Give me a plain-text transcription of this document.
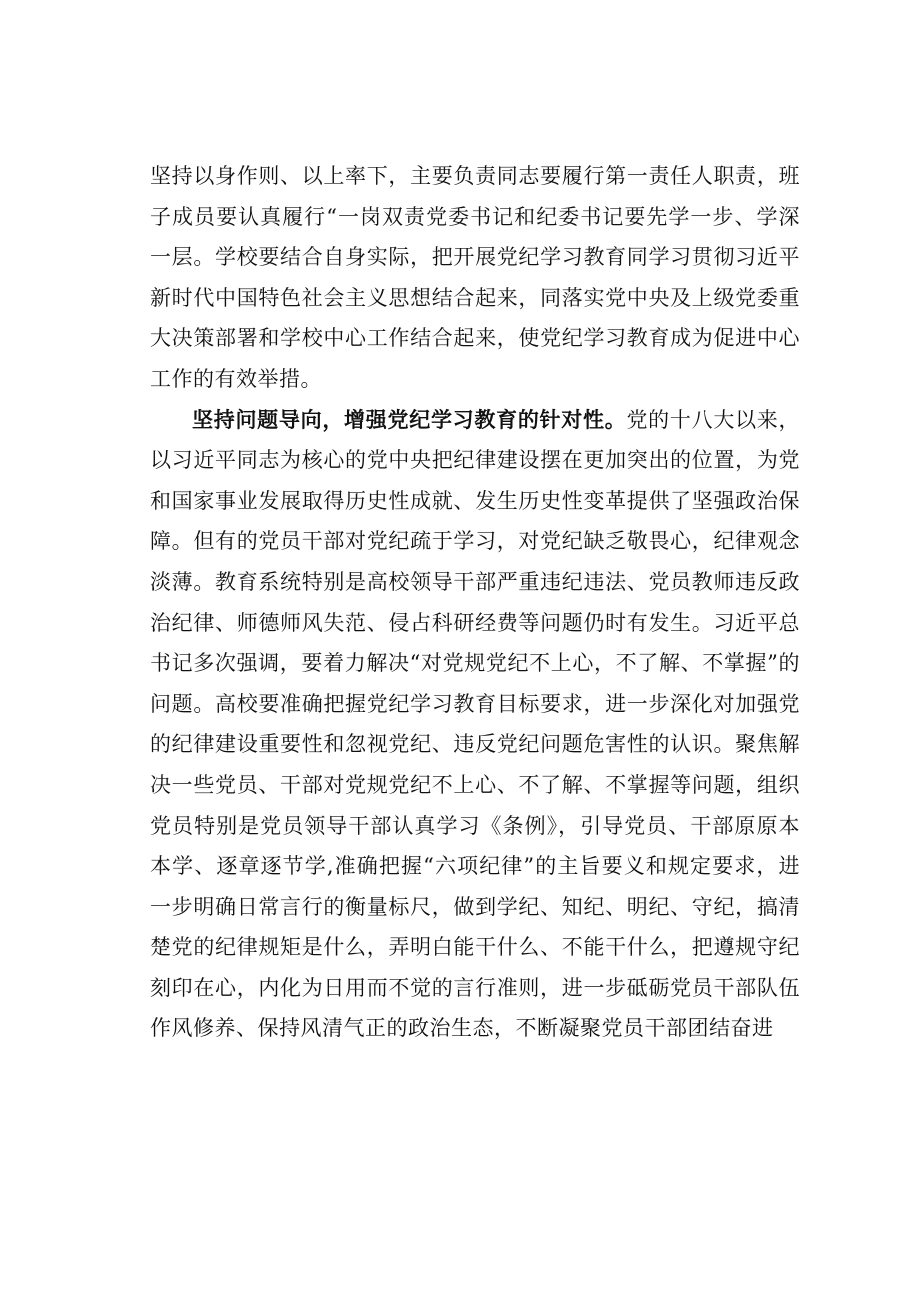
坚持以身作则、以上率下，主要负责同志要履行第一责任人职责，班子成员要认真履行“一岗双责党委书记和纪委书记要先学一步、学深一层。学校要结合自身实际，把开展党纪学习教育同学习贯彻习近平新时代中国特色社会主义思想结合起来，同落实党中央及上级党委重大决策部署和学校中心工作结合起来，使党纪学习教育成为促进中心工作的有效举措。

坚持问题导向，增强党纪学习教育的针对性。党的十八大以来，以习近平同志为核心的党中央把纪律建设摆在更加突出的位置，为党和国家事业发展取得历史性成就、发生历史性变革提供了坚强政治保障。但有的党员干部对党纪疏于学习，对党纪缺乏敬畏心，纪律观念淡薄。教育系统特别是高校领导干部严重违纪违法、党员教师违反政治纪律、师德师风失范、侵占科研经费等问题仍时有发生。习近平总书记多次强调，要着力解决“对党规党纪不上心，不了解、不掌握”的问题。高校要准确把握党纪学习教育目标要求，进一步深化对加强党的纪律建设重要性和忽视党纪、违反党纪问题危害性的认识。聚焦解决一些党员、干部对党规党纪不上心、不了解、不掌握等问题，组织党员特别是党员领导干部认真学习《条例》，引导党员、干部原原本本学、逐章逐节学,准确把握“六项纪律”的主旨要义和规定要求，进一步明确日常言行的衡量标尺，做到学纪、知纪、明纪、守纪，搞清楚党的纪律规矩是什么，弄明白能干什么、不能干什么，把遵规守纪刻印在心，内化为日用而不觉的言行准则，进一步砥砺党员干部队伍作风修养、保持风清气正的政治生态，不断凝聚党员干部团结奋进
